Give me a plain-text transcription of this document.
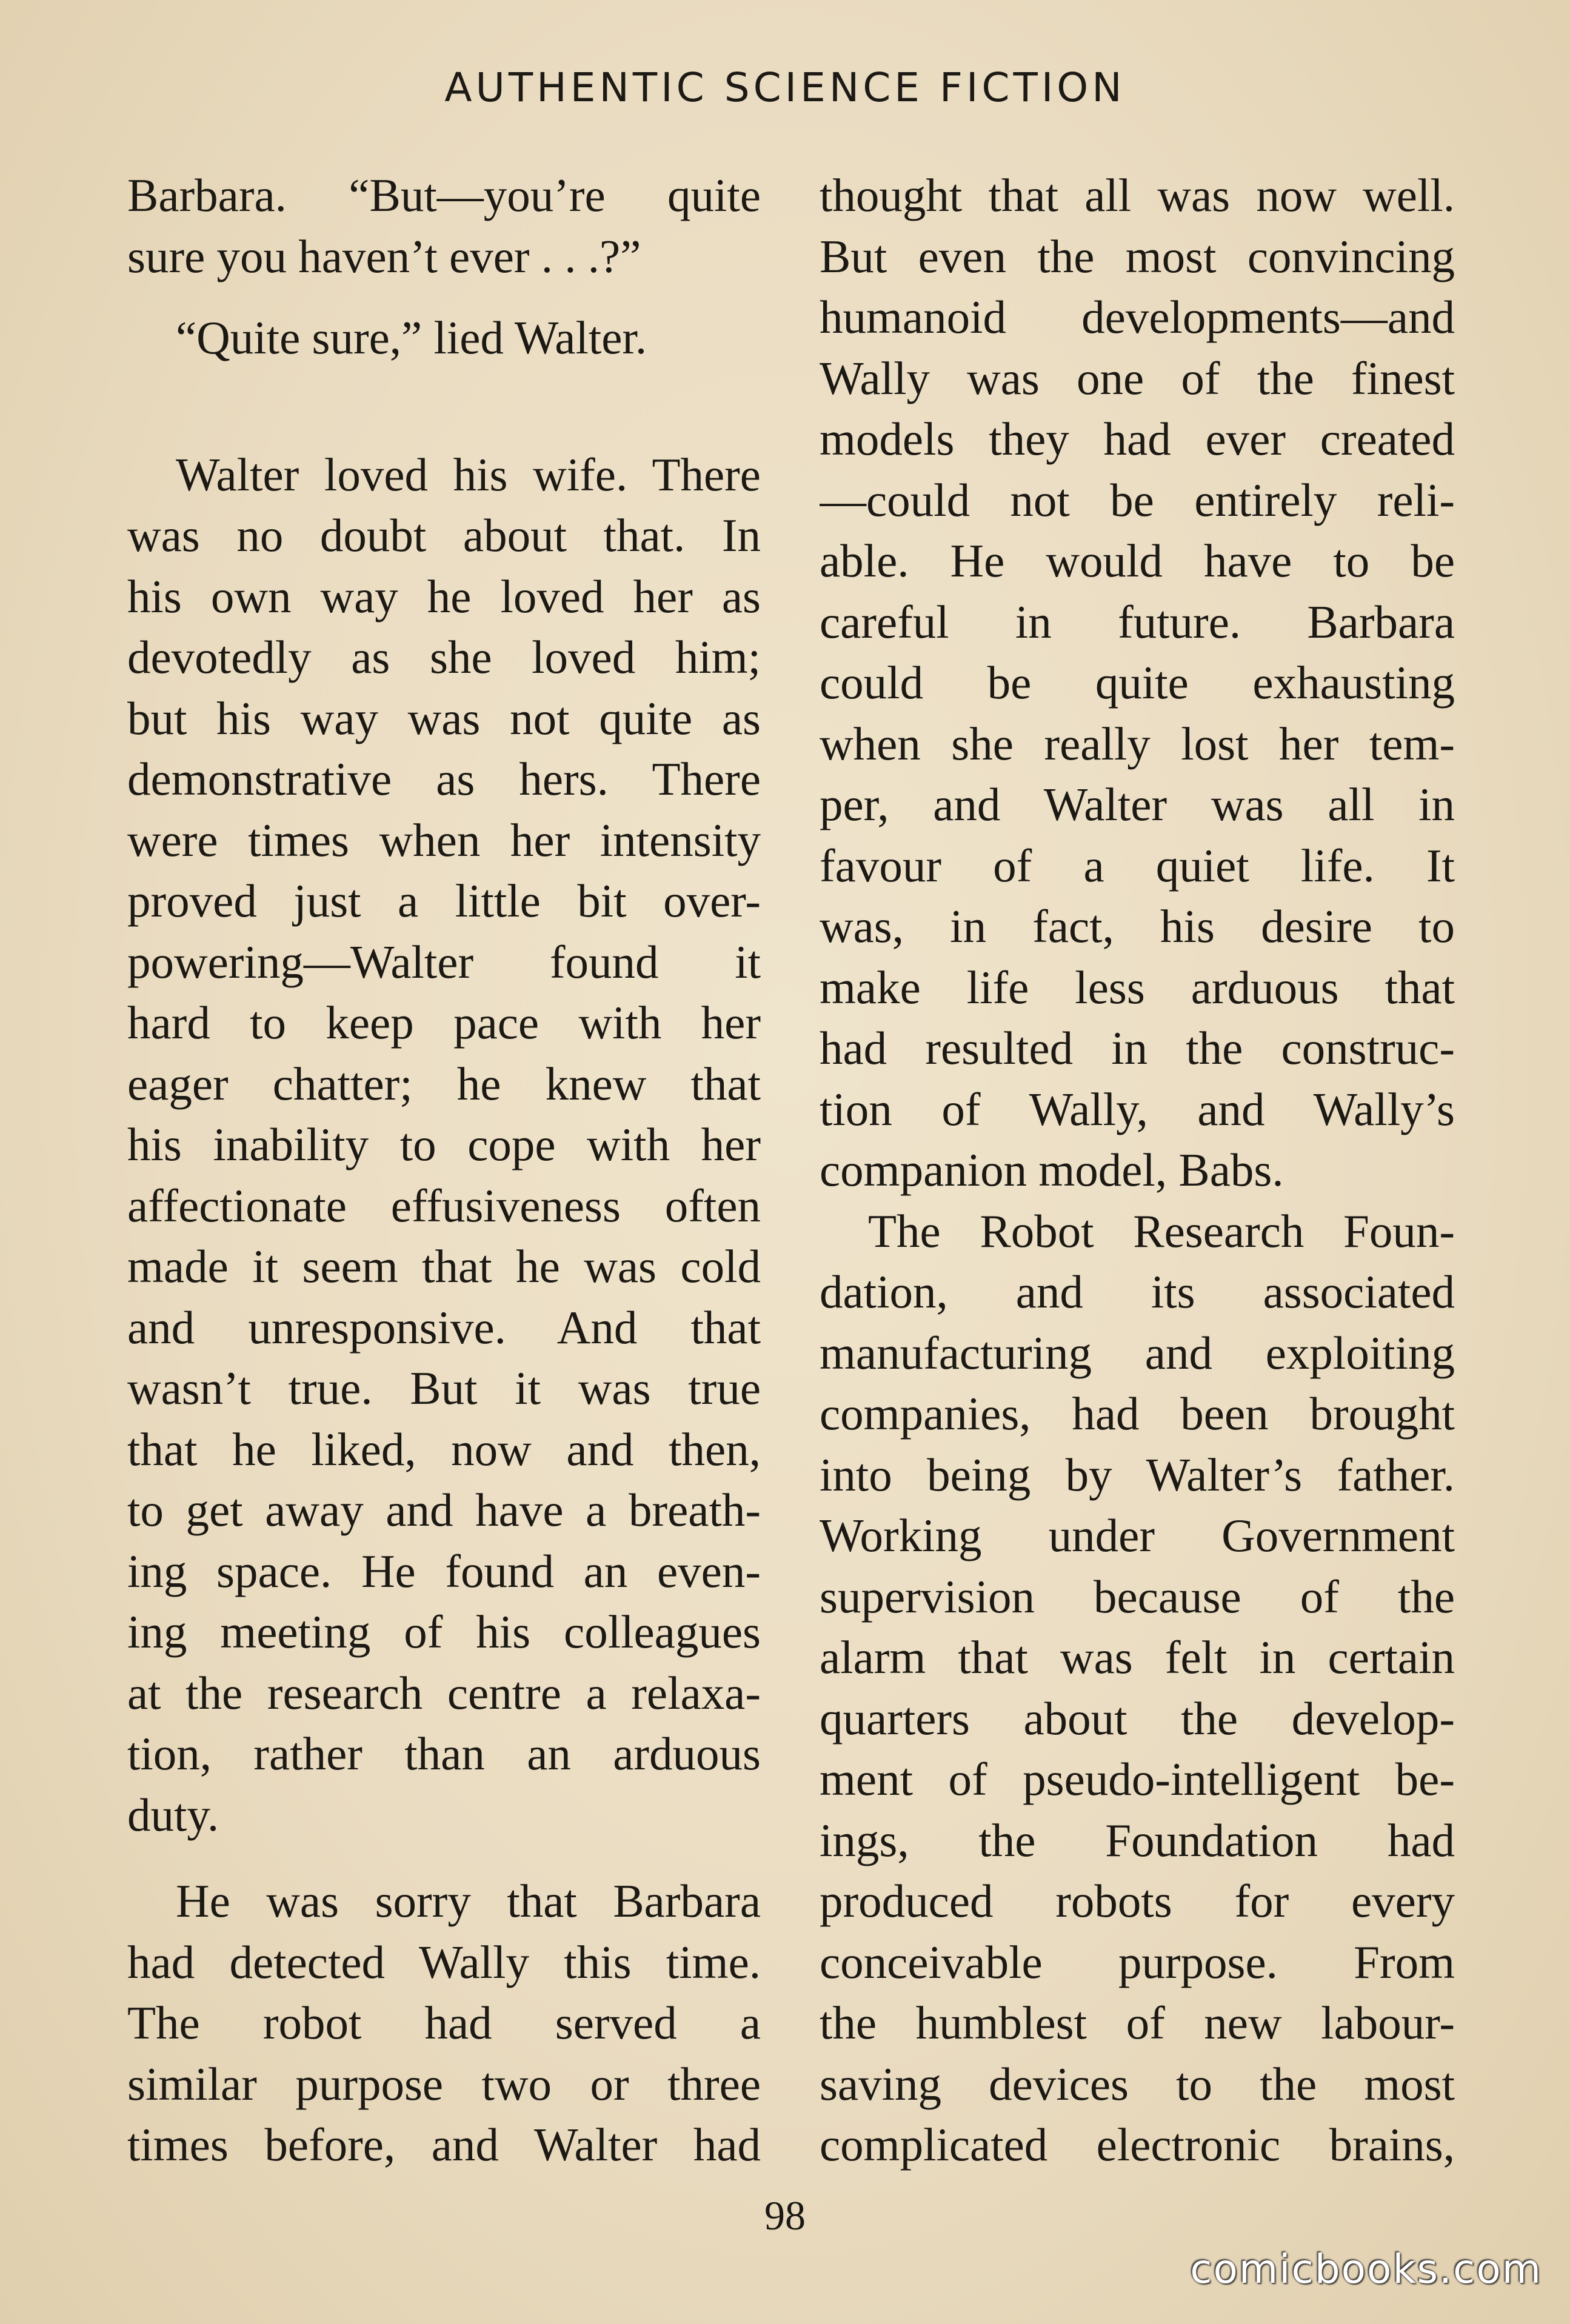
AUTHENTIC SCIENCE FICTION
Barbara. “But—you’re quite
sure you haven’t ever . . .?”
“Quite sure,” lied Walter.
Walter loved his wife. There
was no doubt about that. In
his own way he loved her as
devotedly as she loved him;
but his way was not quite as
demonstrative as hers. There
were times when her intensity
proved just a little bit over-
powering—Walter found it
hard to keep pace with her
eager chatter; he knew that
his inability to cope with her
affectionate effusiveness often
made it seem that he was cold
and unresponsive. And that
wasn’t true. But it was true
that he liked, now and then,
to get away and have a breath-
ing space. He found an even-
ing meeting of his colleagues
at the research centre a relaxa-
tion, rather than an arduous
duty.
He was sorry that Barbara
had detected Wally this time.
The robot had served a
similar purpose two or three
times before, and Walter had
thought that all was now well.
But even the most convincing
humanoid developments—and
Wally was one of the finest
models they had ever created
—could not be entirely reli-
able. He would have to be
careful in future. Barbara
could be quite exhausting
when she really lost her tem-
per, and Walter was all in
favour of a quiet life. It
was, in fact, his desire to
make life less arduous that
had resulted in the construc-
tion of Wally, and Wally’s
companion model, Babs.
The Robot Research Foun-
dation, and its associated
manufacturing and exploiting
companies, had been brought
into being by Walter’s father.
Working under Government
supervision because of the
alarm that was felt in certain
quarters about the develop-
ment of pseudo-intelligent be-
ings, the Foundation had
produced robots for every
conceivable purpose. From
the humblest of new labour-
saving devices to the most
complicated electronic brains,
98
comicbooks.com
